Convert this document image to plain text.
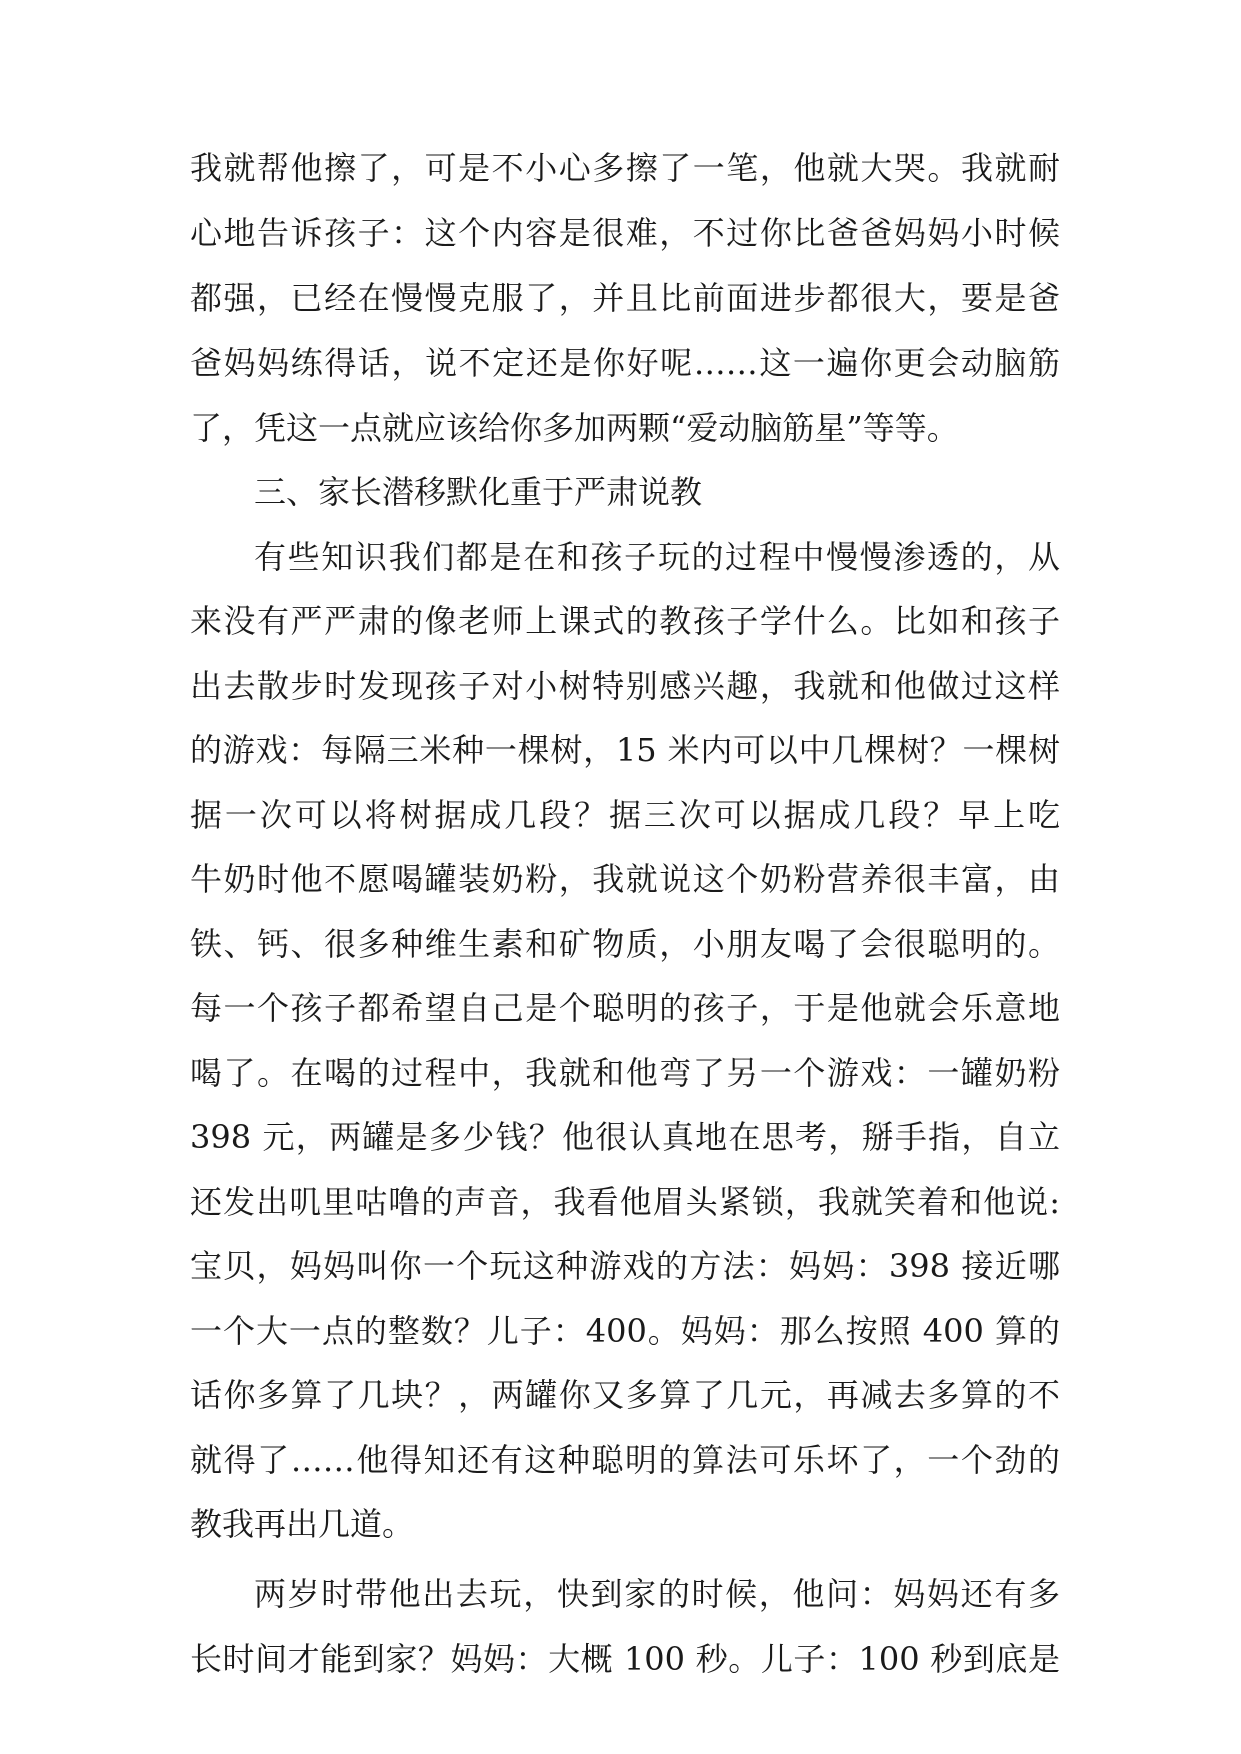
我就帮他擦了，可是不小心多擦了一笔，他就大哭。我就耐
心地告诉孩子：这个内容是很难，不过你比爸爸妈妈小时候
都强，已经在慢慢克服了，并且比前面进步都很大，要是爸
爸妈妈练得话，说不定还是你好呢……这一遍你更会动脑筋
了，凭这一点就应该给你多加两颗“爱动脑筋星”等等。
三、家长潜移默化重于严肃说教
有些知识我们都是在和孩子玩的过程中慢慢渗透的，从
来没有严严肃的像老师上课式的教孩子学什么。比如和孩子
出去散步时发现孩子对小树特别感兴趣，我就和他做过这样
的游戏：每隔三米种一棵树，15 米内可以中几棵树？一棵树
据一次可以将树据成几段？据三次可以据成几段？早上吃
牛奶时他不愿喝罐装奶粉，我就说这个奶粉营养很丰富，由
铁、钙、很多种维生素和矿物质，小朋友喝了会很聪明的。
每一个孩子都希望自己是个聪明的孩子，于是他就会乐意地
喝了。在喝的过程中，我就和他弯了另一个游戏：一罐奶粉
398 元，两罐是多少钱？他很认真地在思考，掰手指，自立
还发出叽里咕噜的声音，我看他眉头紧锁，我就笑着和他说:
宝贝，妈妈叫你一个玩这种游戏的方法：妈妈：398 接近哪
一个大一点的整数？儿子：400。妈妈：那么按照 400 算的
话你多算了几块？，两罐你又多算了几元，再减去多算的不
就得了……他得知还有这种聪明的算法可乐坏了，一个劲的
教我再出几道。
两岁时带他出去玩，快到家的时候，他问：妈妈还有多
长时间才能到家？妈妈：大概 100 秒。儿子：100 秒到底是
